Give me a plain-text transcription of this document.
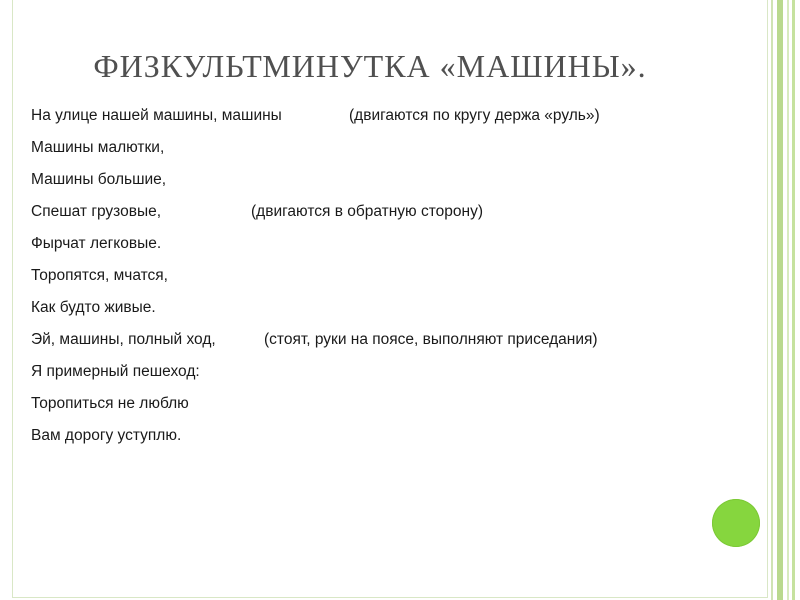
ФИЗКУЛЬТМИНУТКА «МАШИНЫ».
На улице нашей машины, машины	(двигаются по кругу держа «руль»)
Машины малютки,
Машины большие,
Спешат грузовые,	(двигаются в обратную сторону)
Фырчат легковые.
Торопятся, мчатся,
Как будто живые.
Эй, машины, полный ход,	(стоят, руки на поясе, выполняют приседания)
Я примерный пешеход:
Торопиться не люблю
Вам дорогу уступлю.
